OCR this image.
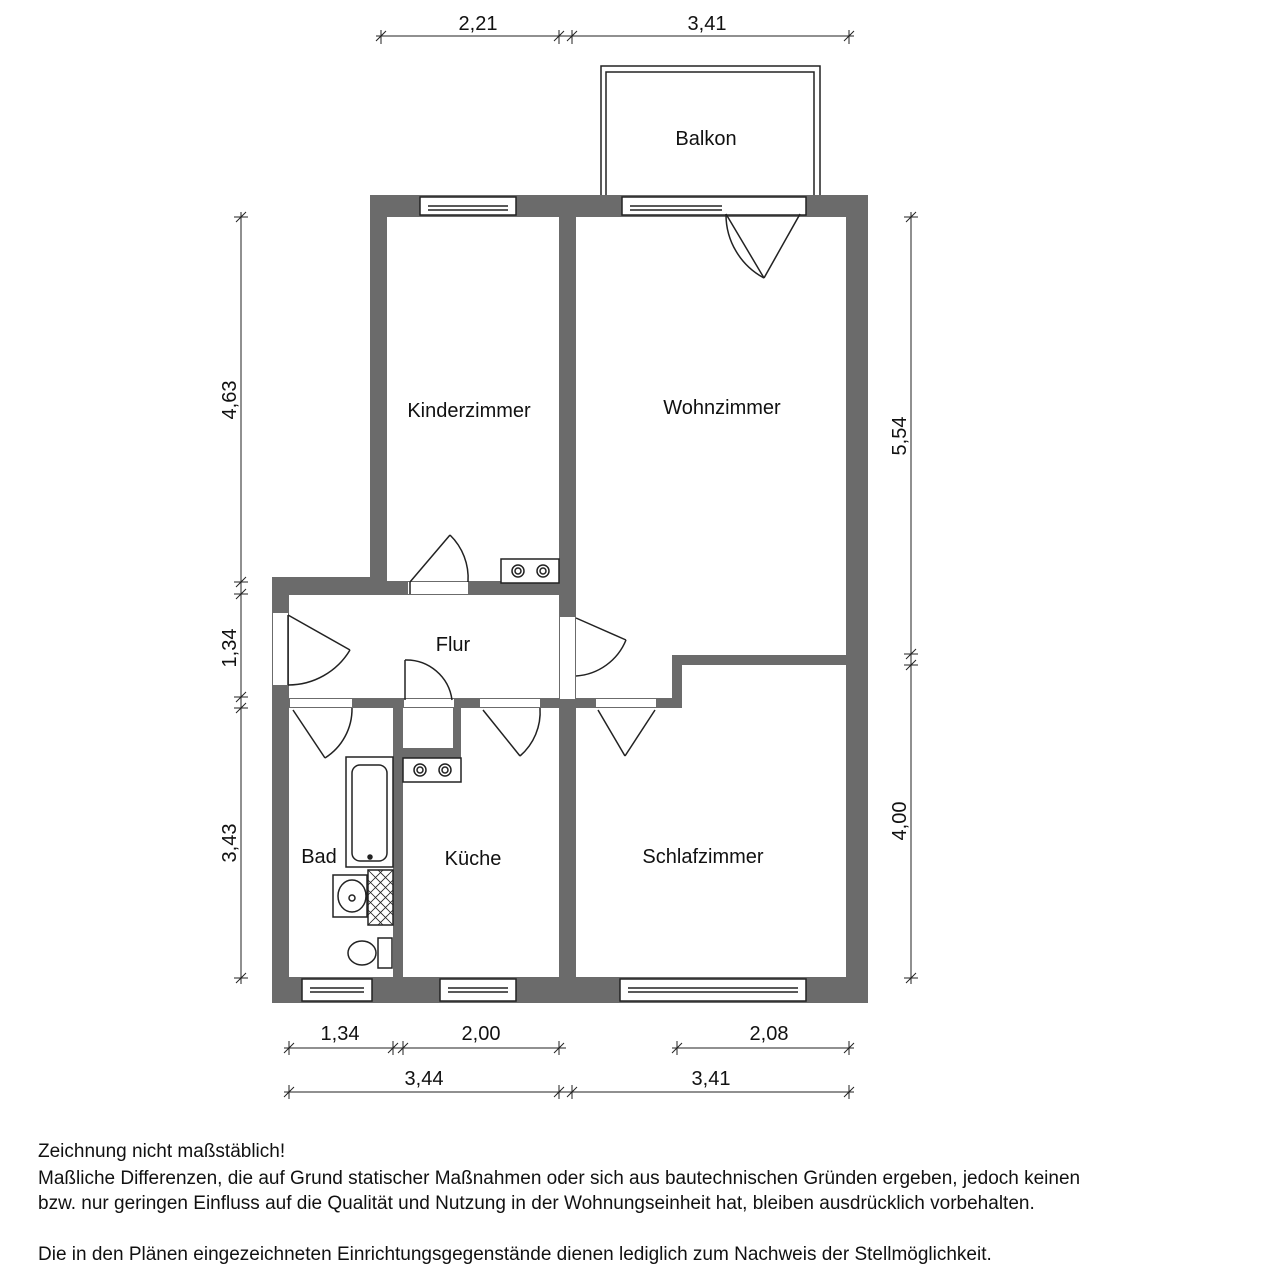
Balkon
Kinderzimmer	Wohnzimmer
Flur
Bad	Küche	Schlafzimmer
2,21	3,41
4,63
1,34
3,43
5,54
4,00
1,34	2,00	2,08
3,44	3,41
Zeichnung nicht maßstäblich!
Maßliche Differenzen, die auf Grund statischer Maßnahmen oder sich aus bautechnischen Gründen ergeben, jedoch keinen
bzw. nur geringen Einfluss auf die Qualität und Nutzung in der Wohnungseinheit hat, bleiben ausdrücklich vorbehalten.
Die in den Plänen eingezeichneten Einrichtungsgegenstände dienen lediglich zum Nachweis der Stellmöglichkeit.
